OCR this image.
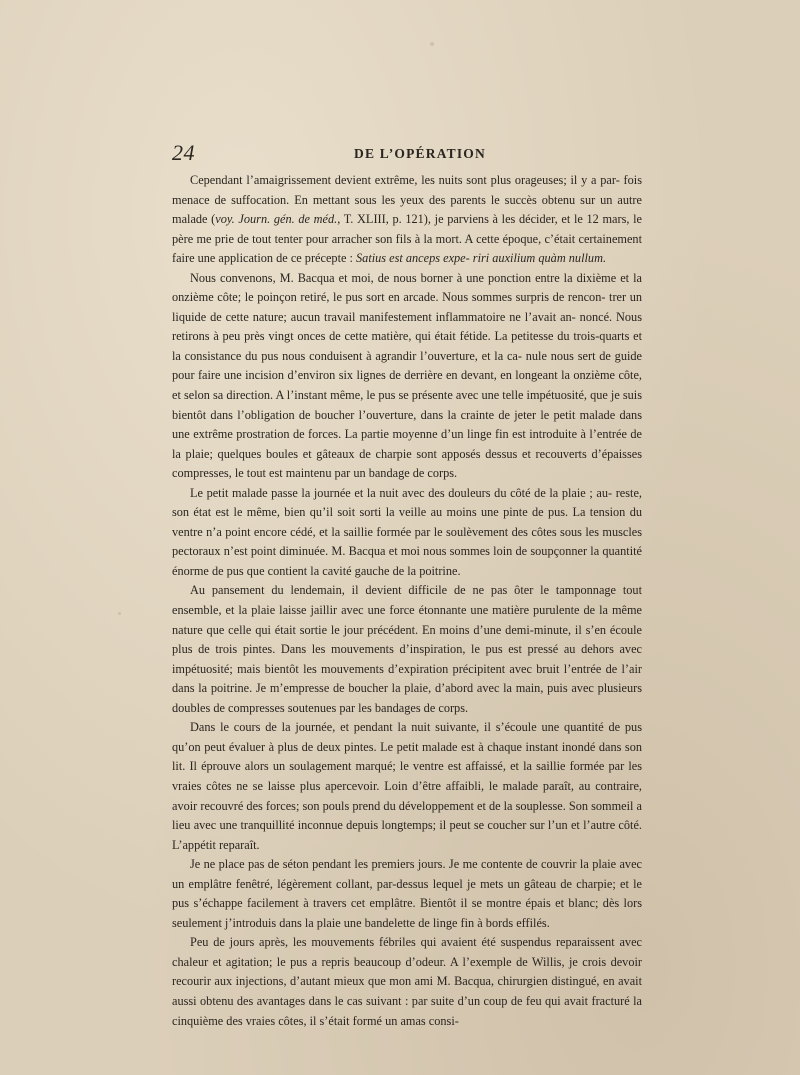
24	DE L’OPÉRATION

Cependant l’amaigrissement devient extrême, les nuits sont plus orageuses; il y a par- fois menace de suffocation. En mettant sous les yeux des parents le succès obtenu sur un autre malade (voy. Journ. gén. de méd., T. XLIII, p. 121), je parviens à les décider, et le 12 mars, le père me prie de tout tenter pour arracher son fils à la mort. A cette époque, c’était certainement faire une application de ce précepte : Satius est anceps expe- riri auxilium quàm nullum.

Nous convenons, M. Bacqua et moi, de nous borner à une ponction entre la dixième et la onzième côte; le poinçon retiré, le pus sort en arcade. Nous sommes surpris de rencon- trer un liquide de cette nature; aucun travail manifestement inflammatoire ne l’avait an- noncé. Nous retirons à peu près vingt onces de cette matière, qui était fétide. La petitesse du trois-quarts et la consistance du pus nous conduisent à agrandir l’ouverture, et la ca- nule nous sert de guide pour faire une incision d’environ six lignes de derrière en devant, en longeant la onzième côte, et selon sa direction. A l’instant même, le pus se présente avec une telle impétuosité, que je suis bientôt dans l’obligation de boucher l’ouverture, dans la crainte de jeter le petit malade dans une extrême prostration de forces. La partie moyenne d’un linge fin est introduite à l’entrée de la plaie; quelques boules et gâteaux de charpie sont apposés dessus et recouverts d’épaisses compresses, le tout est maintenu par un bandage de corps.

Le petit malade passe la journée et la nuit avec des douleurs du côté de la plaie ; au- reste, son état est le même, bien qu’il soit sorti la veille au moins une pinte de pus. La tension du ventre n’a point encore cédé, et la saillie formée par le soulèvement des côtes sous les muscles pectoraux n’est point diminuée. M. Bacqua et moi nous sommes loin de soupçonner la quantité énorme de pus que contient la cavité gauche de la poitrine.

Au pansement du lendemain, il devient difficile de ne pas ôter le tamponnage tout ensemble, et la plaie laisse jaillir avec une force étonnante une matière purulente de la même nature que celle qui était sortie le jour précédent. En moins d’une demi-minute, il s’en écoule plus de trois pintes. Dans les mouvements d’inspiration, le pus est pressé au dehors avec impétuosité; mais bientôt les mouvements d’expiration précipitent avec bruit l’entrée de l’air dans la poitrine. Je m’empresse de boucher la plaie, d’abord avec la main, puis avec plusieurs doubles de compresses soutenues par les bandages de corps.

Dans le cours de la journée, et pendant la nuit suivante, il s’écoule une quantité de pus qu’on peut évaluer à plus de deux pintes. Le petit malade est à chaque instant inondé dans son lit. Il éprouve alors un soulagement marqué; le ventre est affaissé, et la saillie formée par les vraies côtes ne se laisse plus apercevoir. Loin d’être affaibli, le malade paraît, au contraire, avoir recouvré des forces; son pouls prend du développement et de la souplesse. Son sommeil a lieu avec une tranquillité inconnue depuis longtemps; il peut se coucher sur l’un et l’autre côté. L’appétit reparaît.

Je ne place pas de séton pendant les premiers jours. Je me contente de couvrir la plaie avec un emplâtre fenêtré, légèrement collant, par-dessus lequel je mets un gâteau de charpie; et le pus s’échappe facilement à travers cet emplâtre. Bientôt il se montre épais et blanc; dès lors seulement j’introduis dans la plaie une bandelette de linge fin à bords effilés.

Peu de jours après, les mouvements fébriles qui avaient été suspendus reparaissent avec chaleur et agitation; le pus a repris beaucoup d’odeur. A l’exemple de Willis, je crois devoir recourir aux injections, d’autant mieux que mon ami M. Bacqua, chirurgien distingué, en avait aussi obtenu des avantages dans le cas suivant : par suite d’un coup de feu qui avait fracturé la cinquième des vraies côtes, il s’était formé un amas consi-
